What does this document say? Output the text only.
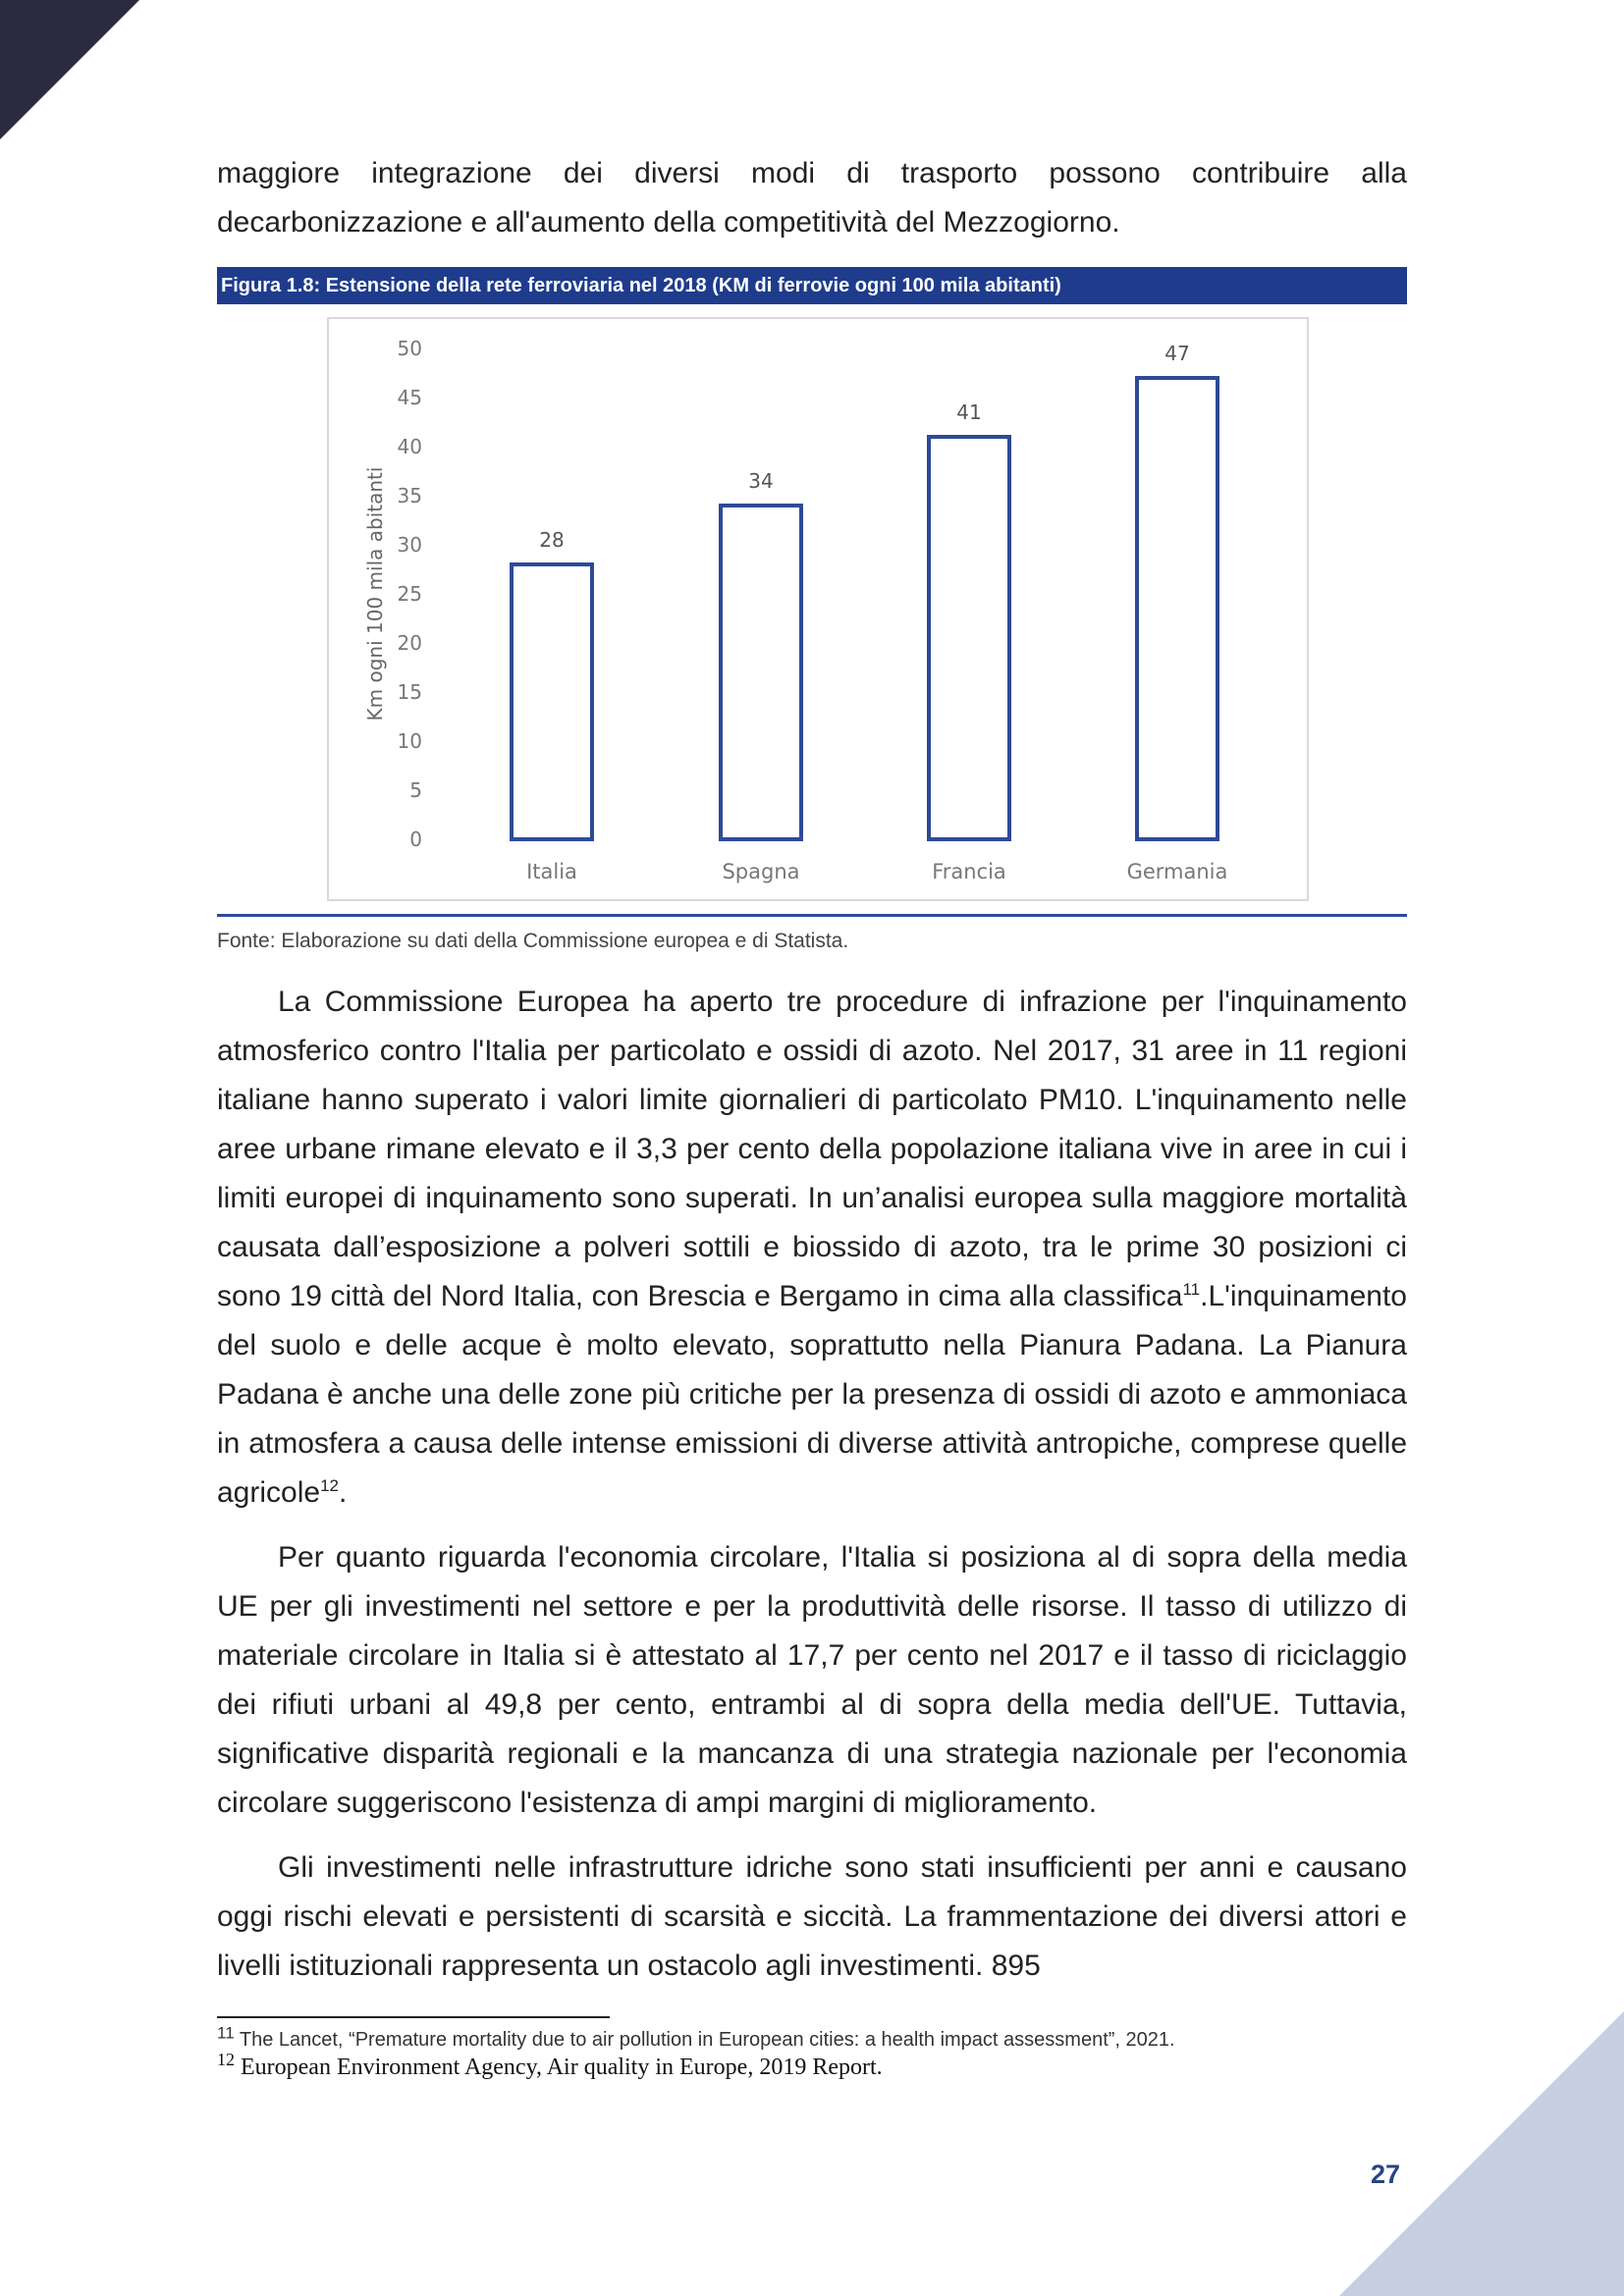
maggiore integrazione dei diversi modi di trasporto possono contribuire alla decarbonizzazione e all'aumento della competitività del Mezzogiorno.

Figura 1.8: Estensione della rete ferroviaria nel 2018 (KM di ferrovie ogni 100 mila abitanti)
0
5
10
15
20
25
30
35
40
45
50
Km ogni 100 mila abitanti	28
Italia
34
Spagna
41
Francia
47
Germania
Fonte: Elaborazione su dati della Commissione europea e di Statista.

La Commissione Europea ha aperto tre procedure di infrazione per l'inquinamento atmosferico contro l'Italia per particolato e ossidi di azoto. Nel 2017, 31 aree in 11 regioni italiane hanno superato i valori limite giornalieri di particolato PM10. L'inquinamento nelle aree urbane rimane elevato e il 3,3 per cento della popolazione italiana vive in aree in cui i limiti europei di inquinamento sono superati. In un’analisi europea sulla maggiore mortalità causata dall’esposizione a polveri sottili e biossido di azoto, tra le prime 30 posizioni ci sono 19 città del Nord Italia, con Brescia e Bergamo in cima alla classifica$^{11}$.L'inquinamento del suolo e delle acque è molto elevato, soprattutto nella Pianura Padana. La Pianura Padana è anche una delle zone più critiche per la presenza di ossidi di azoto e ammoniaca in atmosfera a causa delle intense emissioni di diverse attività antropiche, comprese quelle agricole$^{12}$.

Per quanto riguarda l'economia circolare, l'Italia si posiziona al di sopra della media UE per gli investimenti nel settore e per la produttività delle risorse. Il tasso di utilizzo di materiale circolare in Italia si è attestato al 17,7 per cento nel 2017 e il tasso di riciclaggio dei rifiuti urbani al 49,8 per cento, entrambi al di sopra della media dell'UE. Tuttavia, significative disparità regionali e la mancanza di una strategia nazionale per l'economia circolare suggeriscono l'esistenza di ampi margini di miglioramento.

Gli investimenti nelle infrastrutture idriche sono stati insufficienti per anni e causano oggi rischi elevati e persistenti di scarsità e siccità. La frammentazione dei diversi attori e livelli istituzionali rappresenta un ostacolo agli investimenti. 895

$^{11}$ The Lancet, “Premature mortality due to air pollution in European cities: a health impact assessment”, 2021.
$^{12}$ European Environment Agency, Air quality in Europe, 2019 Report.
27
